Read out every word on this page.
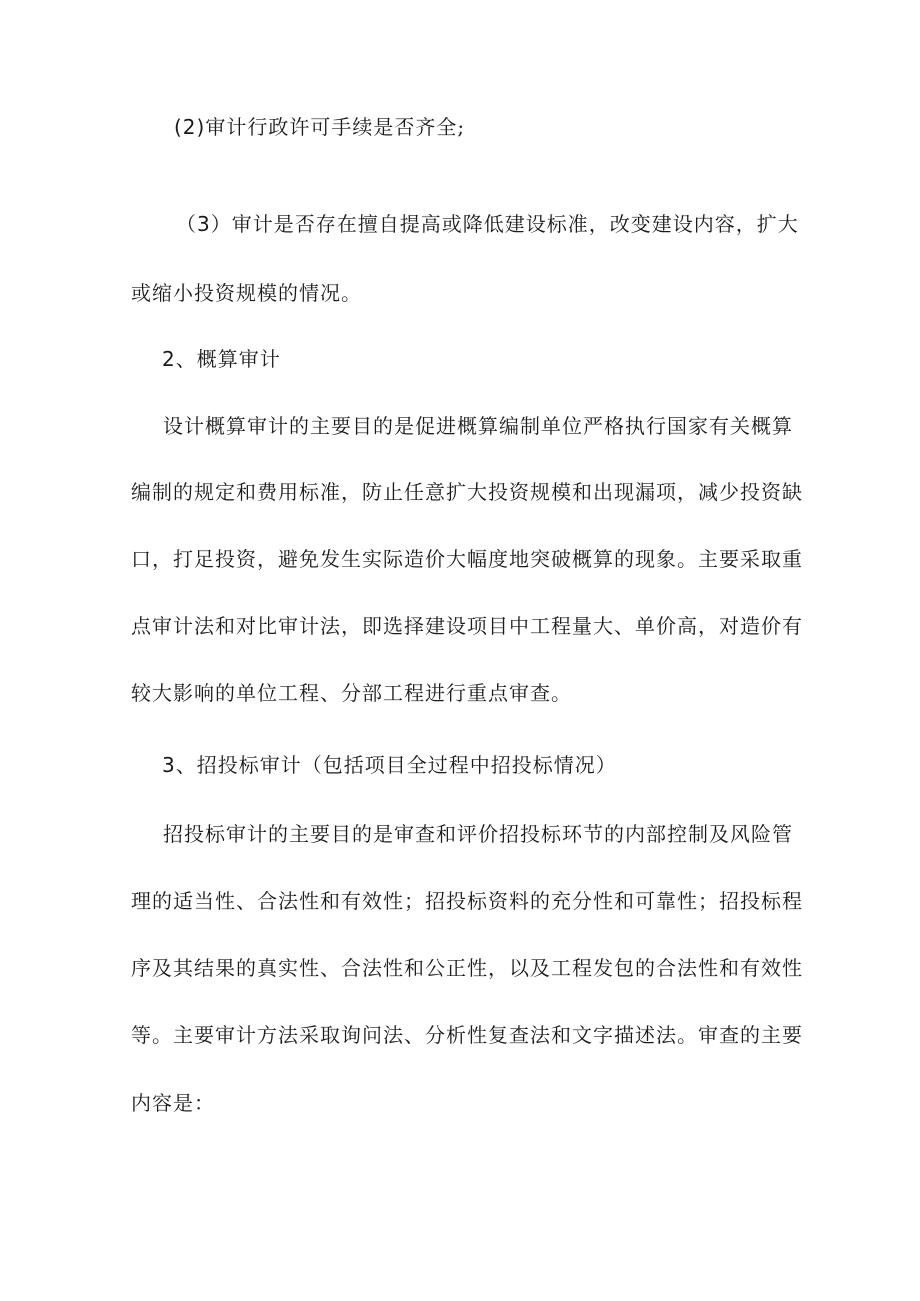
(2)审计行政许可手续是否齐全;
（3）审计是否存在擅自提高或降低建设标准，改变建设内容，扩大
或缩小投资规模的情况。
2、概算审计
设计概算审计的主要目的是促进概算编制单位严格执行国家有关概算
编制的规定和费用标准，防止任意扩大投资规模和出现漏项，减少投资缺
口，打足投资，避免发生实际造价大幅度地突破概算的现象。主要采取重
点审计法和对比审计法，即选择建设项目中工程量大、单价高，对造价有
较大影响的单位工程、分部工程进行重点审查。
3、招投标审计（包括项目全过程中招投标情况）
招投标审计的主要目的是审查和评价招投标环节的内部控制及风险管
理的适当性、合法性和有效性；招投标资料的充分性和可靠性；招投标程
序及其结果的真实性、合法性和公正性，以及工程发包的合法性和有效性
等。主要审计方法采取询问法、分析性复查法和文字描述法。审查的主要
内容是：
